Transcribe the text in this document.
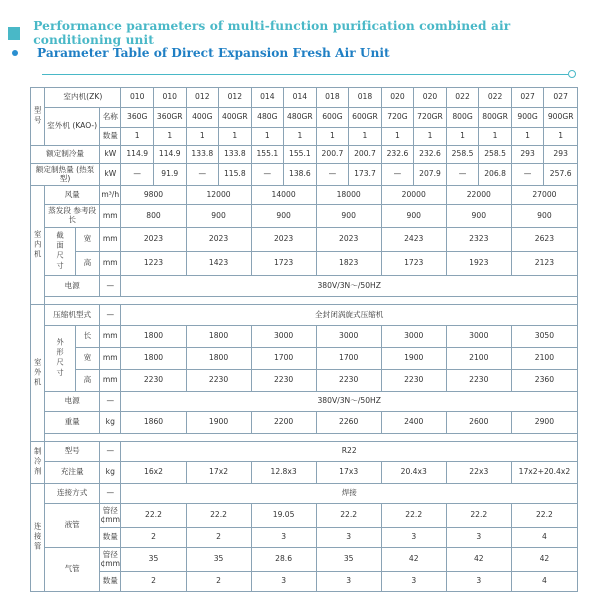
Performance parameters of multi-function purification combined air conditioning unit
Parameter Table of Direct Expansion Fresh Air Unit
型号	室内机(ZK)			010	010	012	012	014	014	018	018	020	020	022	022	027	027
	室外机 (KAO-)		名称	360G	360GR	400G	400GR	480G	480GR	600G	600GR	720G	720GR	800G	800GR	900G	900GR
			数量	1	1	1	1	1	1	1	1	1	1	1	1	1	1
额定制冷量			kW	114.9	114.9	133.8	133.8	155.1	155.1	200.7	200.7	232.6	232.6	258.5	258.5	293	293
额定制热量 (热泵型)			kW	—	91.9	—	115.8	—	138.6	—	173.7	—	207.9	—	206.8	—	257.6
室内机	风量		m³/h	9800		12000		14000		18000		20000		22000		27000	
	蒸发段 参考段长		mm	800		900		900		900		900		900		900	
	截面尺寸	宽	mm	2023		2023		2023		2023		2423		2323		2623	
		高	mm	1223		1423		1723		1823		1723		1923		2123	
	电源		—	380V/3N～/50HZ													

室外机	压缩机型式		—	全封闭涡旋式压缩机													
	外形尺寸	长	mm	1800		1800		3000		3000		3000		3000		3050	
		宽	mm	1800		1800		1700		1700		1900		2100		2100	
		高	mm	2230		2230		2230		2230		2230		2230		2360	
	电源		—	380V/3N～/50HZ													
	重量		kg	1860		1900		2200		2260		2400		2600		2900	

制冷剂	型号		—	R22													
	充注量		kg	16x2		17x2		12.8x3		17x3		20.4x3		22x3		17x2+20.4x2	
连接管	连接方式		—	焊接													
	液管		管径 ¢mm	22.2		22.2		19.05		22.2		22.2		22.2		22.2	
			数量	2		2		3		3		3		3		4	
	气管		管径 ¢mm	35		35		28.6		35		42		42		42	
			数量	2		2		3		3		3		3		4	
